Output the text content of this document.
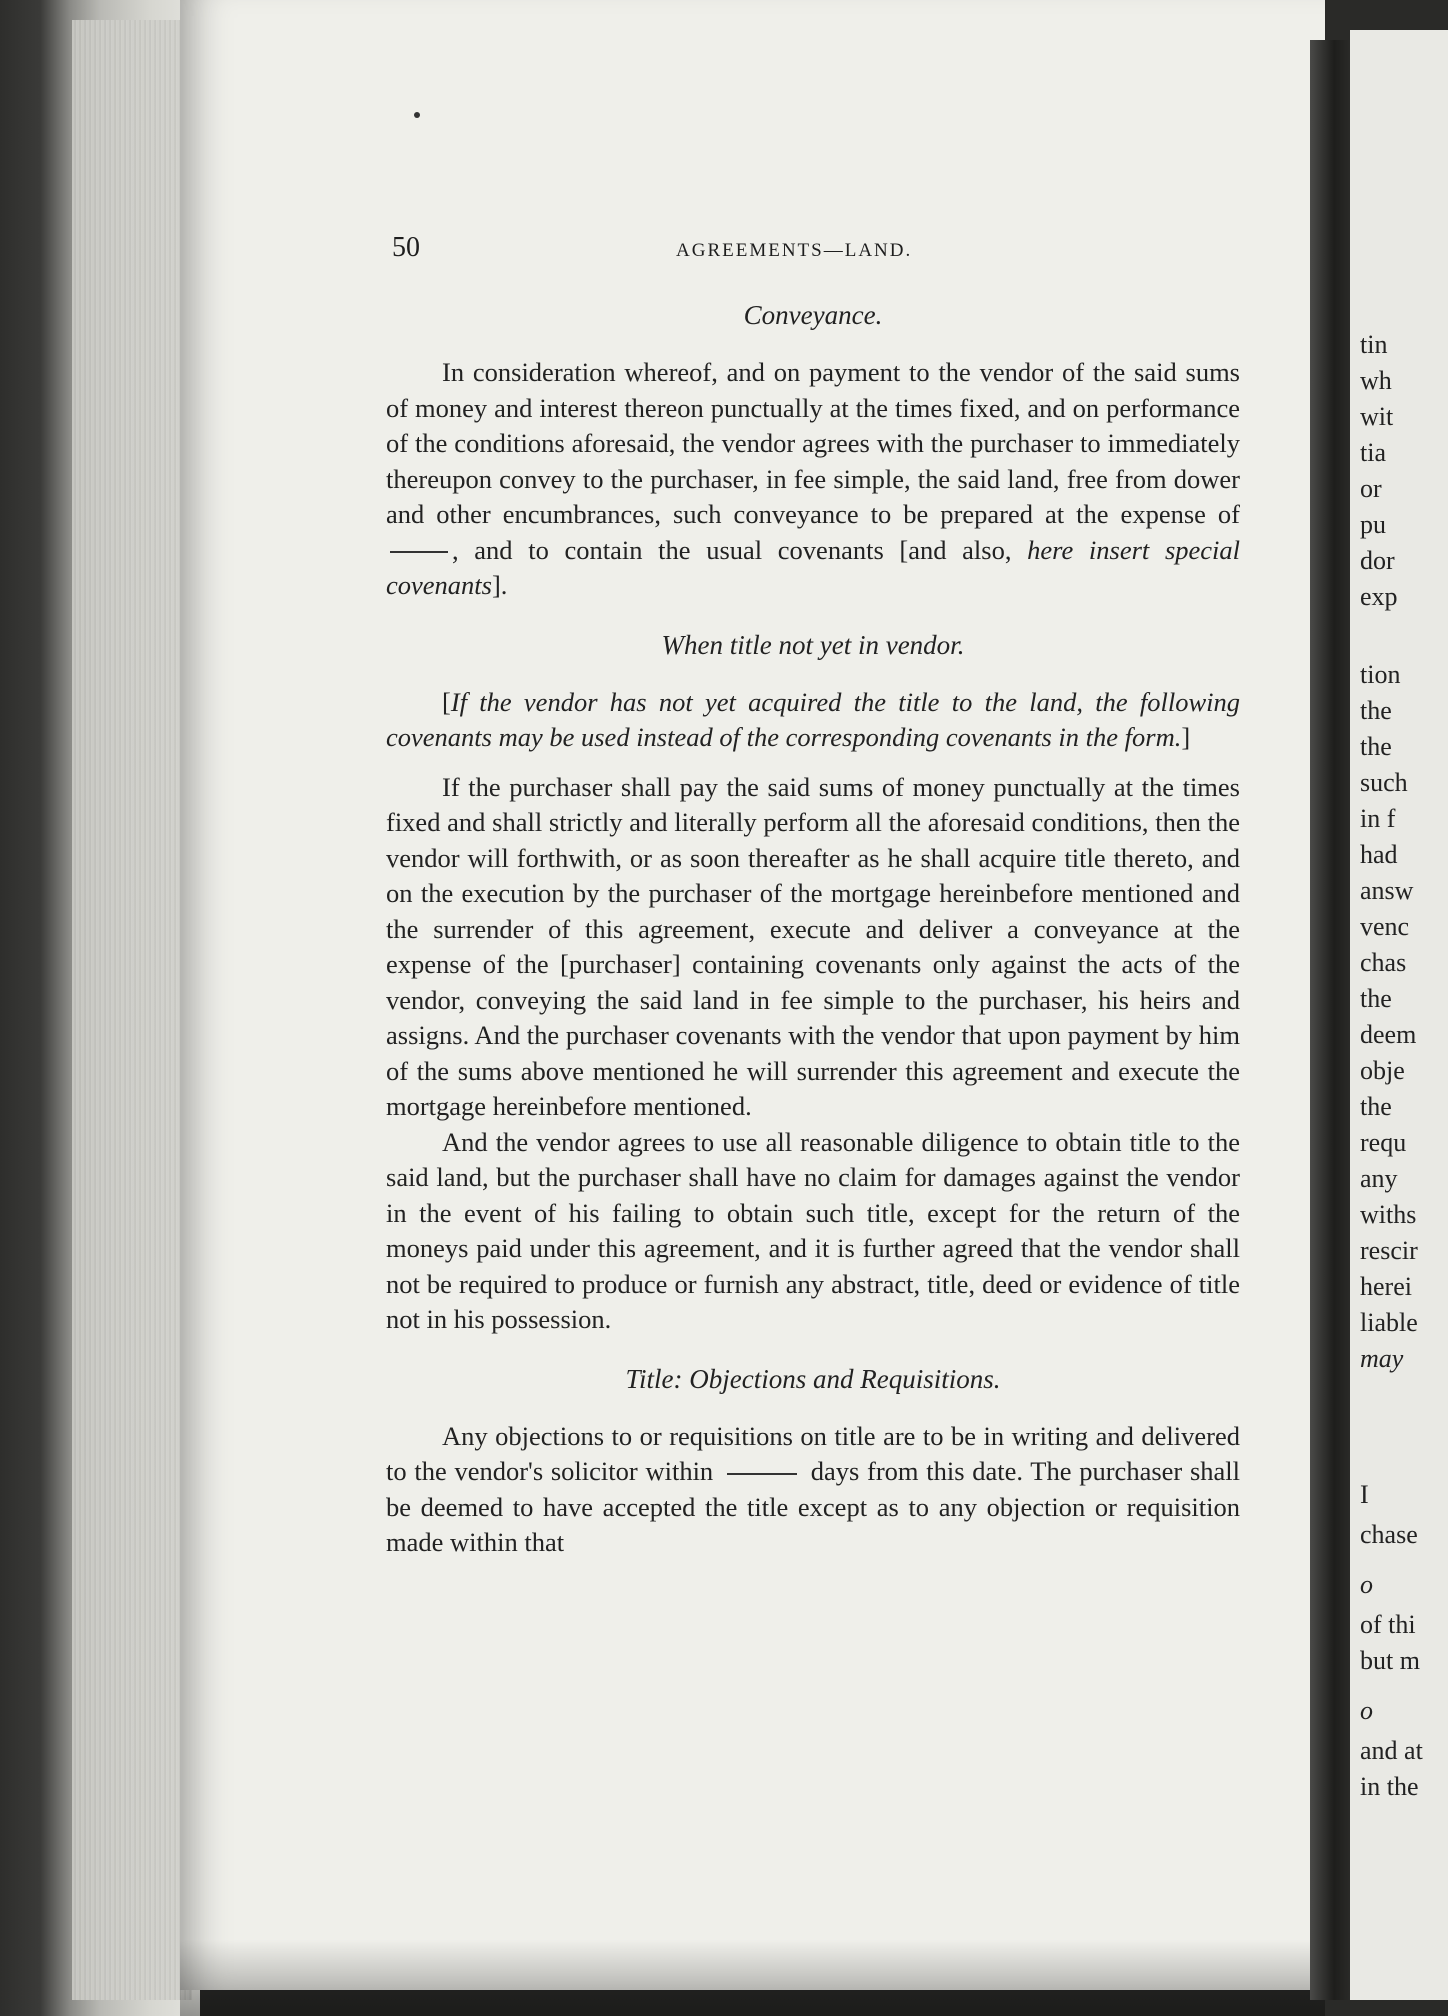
tin
wh
wit
tia
or
pu
dor
exp
tion
the
the
such
in f
had
answ
venc
chas
the
deem
obje
the
requ
any
withs
rescir
herei
liable
may
I
chase
o
of thi
but m
o
and at
in the
50	AGREEMENTS—LAND.

Conveyance.

In consideration whereof, and on payment to the vendor of the said sums of money and interest thereon punctually at the times fixed, and on performance of the conditions aforesaid, the vendor agrees with the purchaser to immediately thereupon convey to the purchaser, in fee simple, the said land, free from dower and other encumbrances, such conveyance to be prepared at the expense of , and to contain the usual covenants [and also, here insert special covenants].

When title not yet in vendor.

[If the vendor has not yet acquired the title to the land, the following covenants may be used instead of the corresponding covenants in the form.]

If the purchaser shall pay the said sums of money punctually at the times fixed and shall strictly and literally perform all the aforesaid conditions, then the vendor will forthwith, or as soon thereafter as he shall acquire title thereto, and on the execution by the purchaser of the mortgage hereinbefore mentioned and the surrender of this agreement, execute and deliver a conveyance at the expense of the [purchaser] containing covenants only against the acts of the vendor, conveying the said land in fee simple to the purchaser, his heirs and assigns. And the purchaser covenants with the vendor that upon payment by him of the sums above mentioned he will surrender this agreement and execute the mortgage hereinbefore mentioned.

And the vendor agrees to use all reasonable diligence to obtain title to the said land, but the purchaser shall have no claim for damages against the vendor in the event of his failing to obtain such title, except for the return of the moneys paid under this agreement, and it is further agreed that the vendor shall not be required to produce or furnish any abstract, title, deed or evidence of title not in his possession.

Title: Objections and Requisitions.

Any objections to or requisitions on title are to be in writing and delivered to the vendor's solicitor within	days from this date. The purchaser shall be deemed to have accepted the title except as to any objection or requisition made within that
